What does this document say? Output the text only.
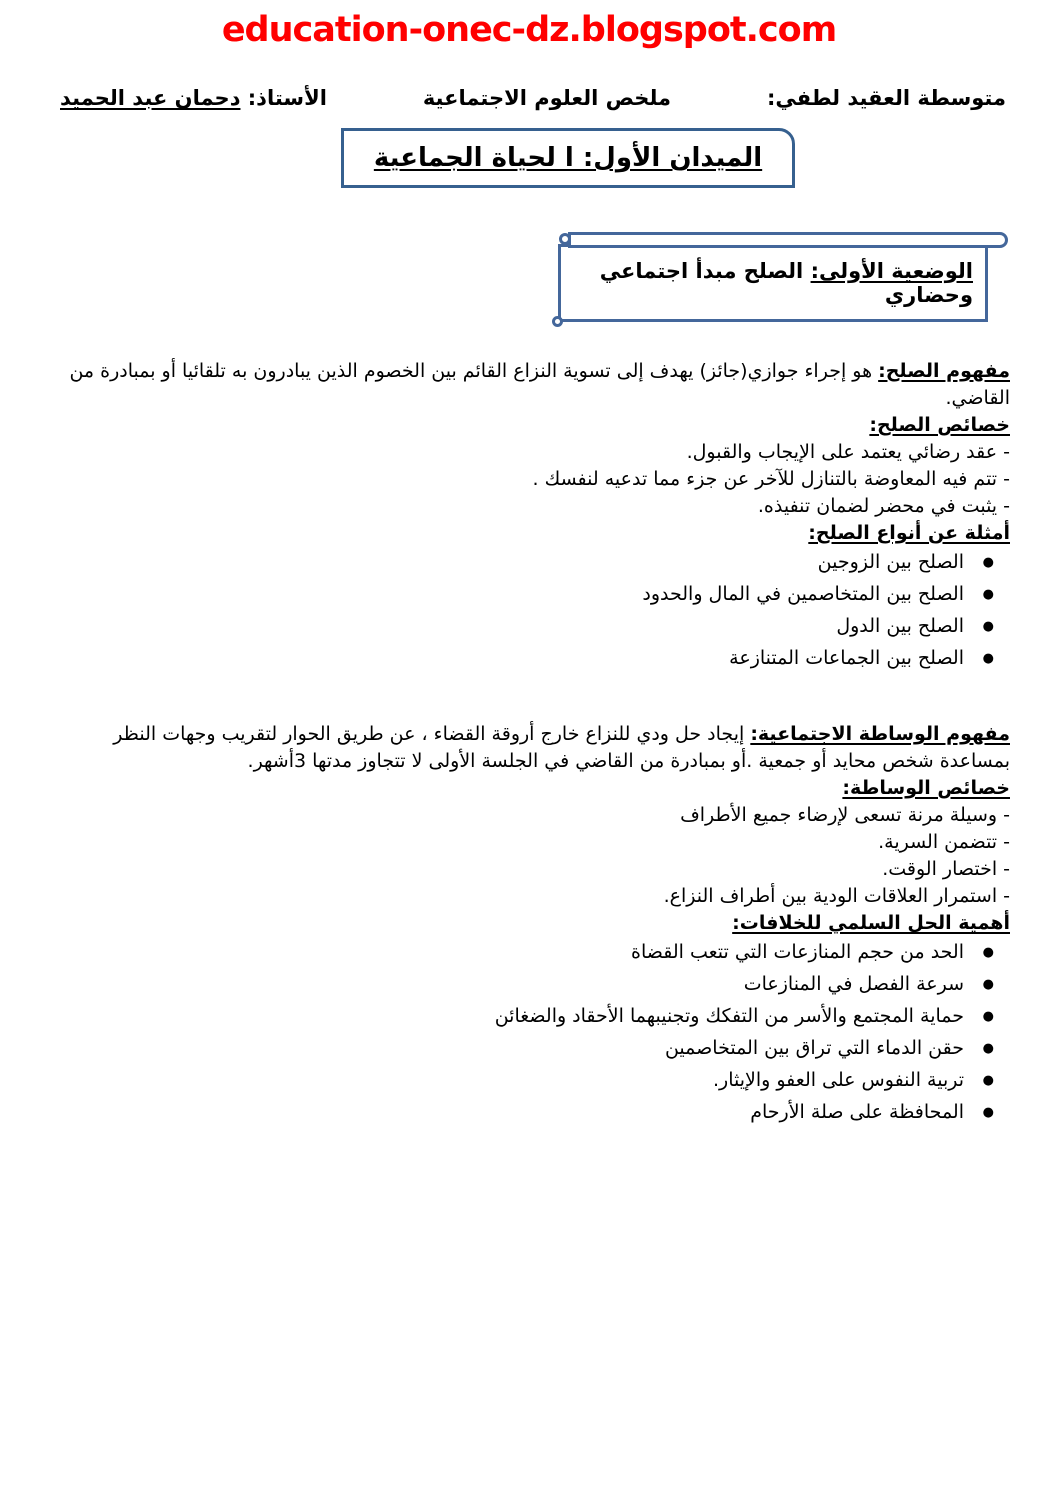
education-onec-dz.blogspot.com
متوسطة العقيد لطفي:
ملخص العلوم الاجتماعية
الأستاذ: دحمان عبد الحميد
الميدان الأول: ا لحياة الجماعية
الوضعية الأولى: الصلح مبدأ اجتماعي وحضاري

مفهوم الصلح: هو إجراء جوازي(جائز) يهدف إلى تسوية النزاع القائم بين الخصوم الذين يبادرون به تلقائيا أو بمبادرة من القاضي.

خصائص الصلح:
- عقد رضائي يعتمد على الإيجاب والقبول.
- تتم فيه المعاوضة بالتنازل للآخر عن جزء مما تدعيه لنفسك .
- يثبت في محضر لضمان تنفيذه.
أمثلة عن أنواع الصلح:
● الصلح بين الزوجين
● الصلح بين المتخاصمين في المال والحدود
● الصلح بين الدول
● الصلح بين الجماعات المتنازعة

مفهوم الوساطة الاجتماعية: إيجاد حل ودي للنزاع خارج أروقة القضاء ، عن طريق الحوار لتقريب وجهات النظر بمساعدة شخص محايد أو جمعية .أو بمبادرة من القاضي في الجلسة الأولى لا تتجاوز مدتها 3أشهر.

خصائص الوساطة:
- وسيلة مرنة تسعى لإرضاء جميع الأطراف
- تتضمن السرية.
- اختصار الوقت.
- استمرار العلاقات الودية بين أطراف النزاع.
أهمية الحل السلمي للخلافات:
● الحد من حجم المنازعات التي تتعب القضاة
● سرعة الفصل في المنازعات
● حماية المجتمع والأسر من التفكك وتجنيبهما الأحقاد والضغائن
● حقن الدماء التي تراق بين المتخاصمين
● تربية النفوس على العفو والإيثار.
● المحافظة على صلة الأرحام
